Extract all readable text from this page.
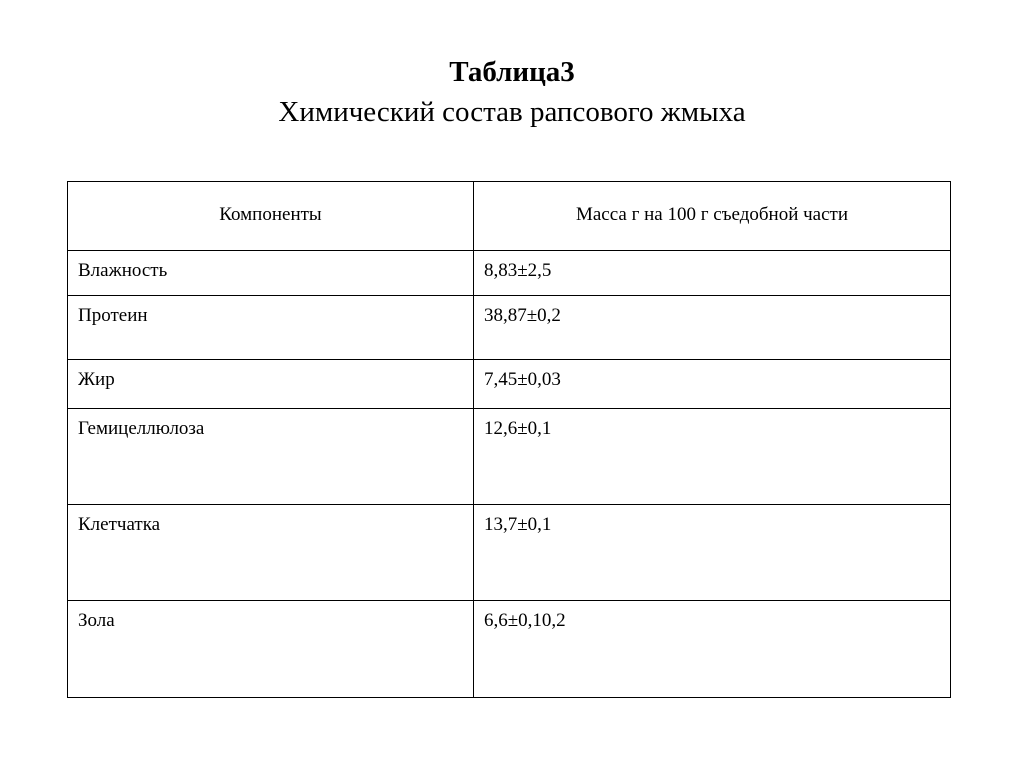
Таблица3
Химический состав рапсового жмыха
Компоненты	Масса г на 100 г съедобной части

Влажность	8,83±2,5

Протеин	38,87±0,2

Жир	7,45±0,03

Гемицеллюлоза	12,6±0,1

Клетчатка	13,7±0,1

Зола	6,6±0,10,2
